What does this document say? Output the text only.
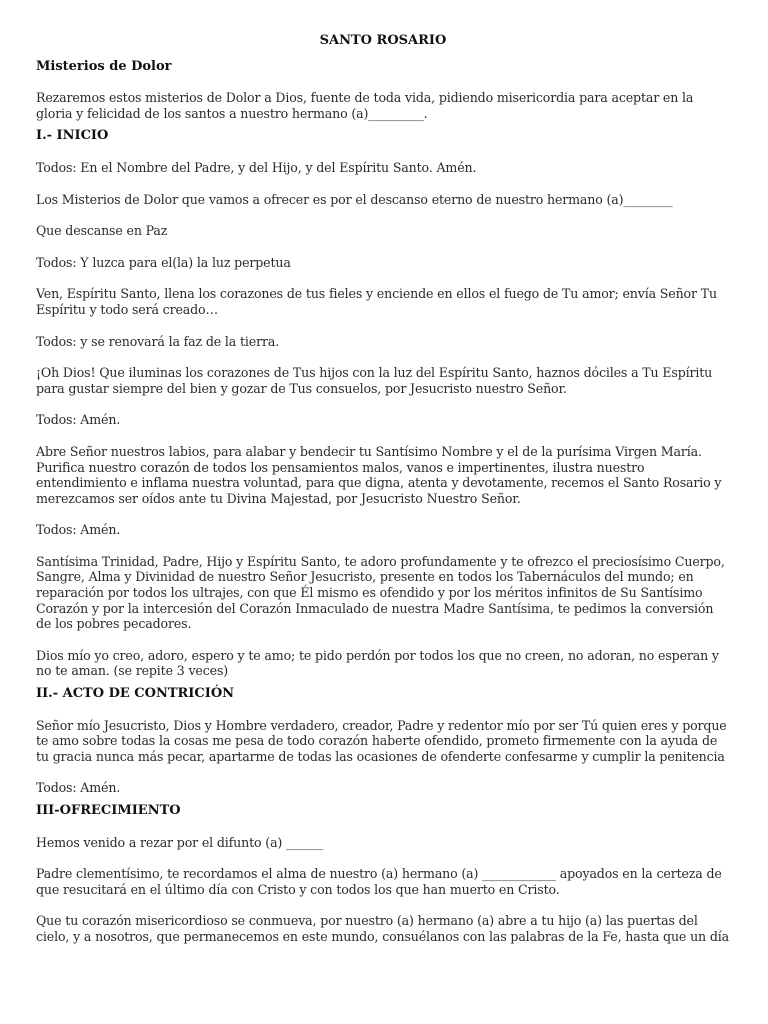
SANTO ROSARIO
Misterios de Dolor

Rezaremos estos misterios de Dolor a Dios, fuente de toda vida, pidiendo misericordia para aceptar en la gloria y felicidad de los santos a nuestro hermano (a)_________.

I.- INICIO

Todos: En el Nombre del Padre, y del Hijo, y del Espíritu Santo. Amén.

Los Misterios de Dolor que vamos a ofrecer es por el descanso eterno de nuestro hermano (a)________

Que descanse en Paz

Todos: Y luzca para el(la) la luz perpetua

Ven, Espíritu Santo, llena los corazones de tus fieles y enciende en ellos el fuego de Tu amor; envía Señor Tu Espíritu y todo será creado…

Todos: y se renovará la faz de la tierra.

¡Oh Dios! Que iluminas los corazones de Tus hijos con la luz del Espíritu Santo, haznos dóciles a Tu Espíritu para gustar siempre del bien y gozar de Tus consuelos, por Jesucristo nuestro Señor.

Todos: Amén.

Abre Señor nuestros labios, para alabar y bendecir tu Santísimo Nombre y el de la purísima Virgen María. Purifica nuestro corazón de todos los pensamientos malos, vanos e impertinentes, ilustra nuestro entendimiento e inflama nuestra voluntad, para que digna, atenta y devotamente, recemos el Santo Rosario y merezcamos ser oídos ante tu Divina Majestad, por Jesucristo Nuestro Señor.

Todos: Amén.

Santísima Trinidad, Padre, Hijo y Espíritu Santo, te adoro profundamente y te ofrezco el preciosísimo Cuerpo, Sangre, Alma y Divinidad de nuestro Señor Jesucristo, presente en todos los Tabernáculos del mundo; en reparación por todos los ultrajes, con que Él mismo es ofendido y por los méritos infinitos de Su Santísimo Corazón y por la intercesión del Corazón Inmaculado de nuestra Madre Santísima, te pedimos la conversión de los pobres pecadores.

Dios mío yo creo, adoro, espero y te amo; te pido perdón por todos los que no creen, no adoran, no esperan y no te aman. (se repite 3 veces)

II.- ACTO DE CONTRICIÓN

Señor mío Jesucristo, Dios y Hombre verdadero, creador, Padre y redentor mío por ser Tú quien eres y porque te amo sobre todas la cosas me pesa de todo corazón haberte ofendido, prometo firmemente con la ayuda de tu gracia nunca más pecar, apartarme de todas las ocasiones de ofenderte confesarme y cumplir la penitencia

Todos: Amén.

III-OFRECIMIENTO

Hemos venido a rezar por el difunto (a) ______

Padre clementísimo, te recordamos el alma de nuestro (a) hermano (a) ____________ apoyados en la certeza de que resucitará en el último día con Cristo y con todos los que han muerto en Cristo.

Que tu corazón misericordioso se conmueva, por nuestro (a) hermano (a) abre a tu hijo (a) las puertas del cielo, y a nosotros, que permanecemos en este mundo, consuélanos con las palabras de la Fe, hasta que un día
